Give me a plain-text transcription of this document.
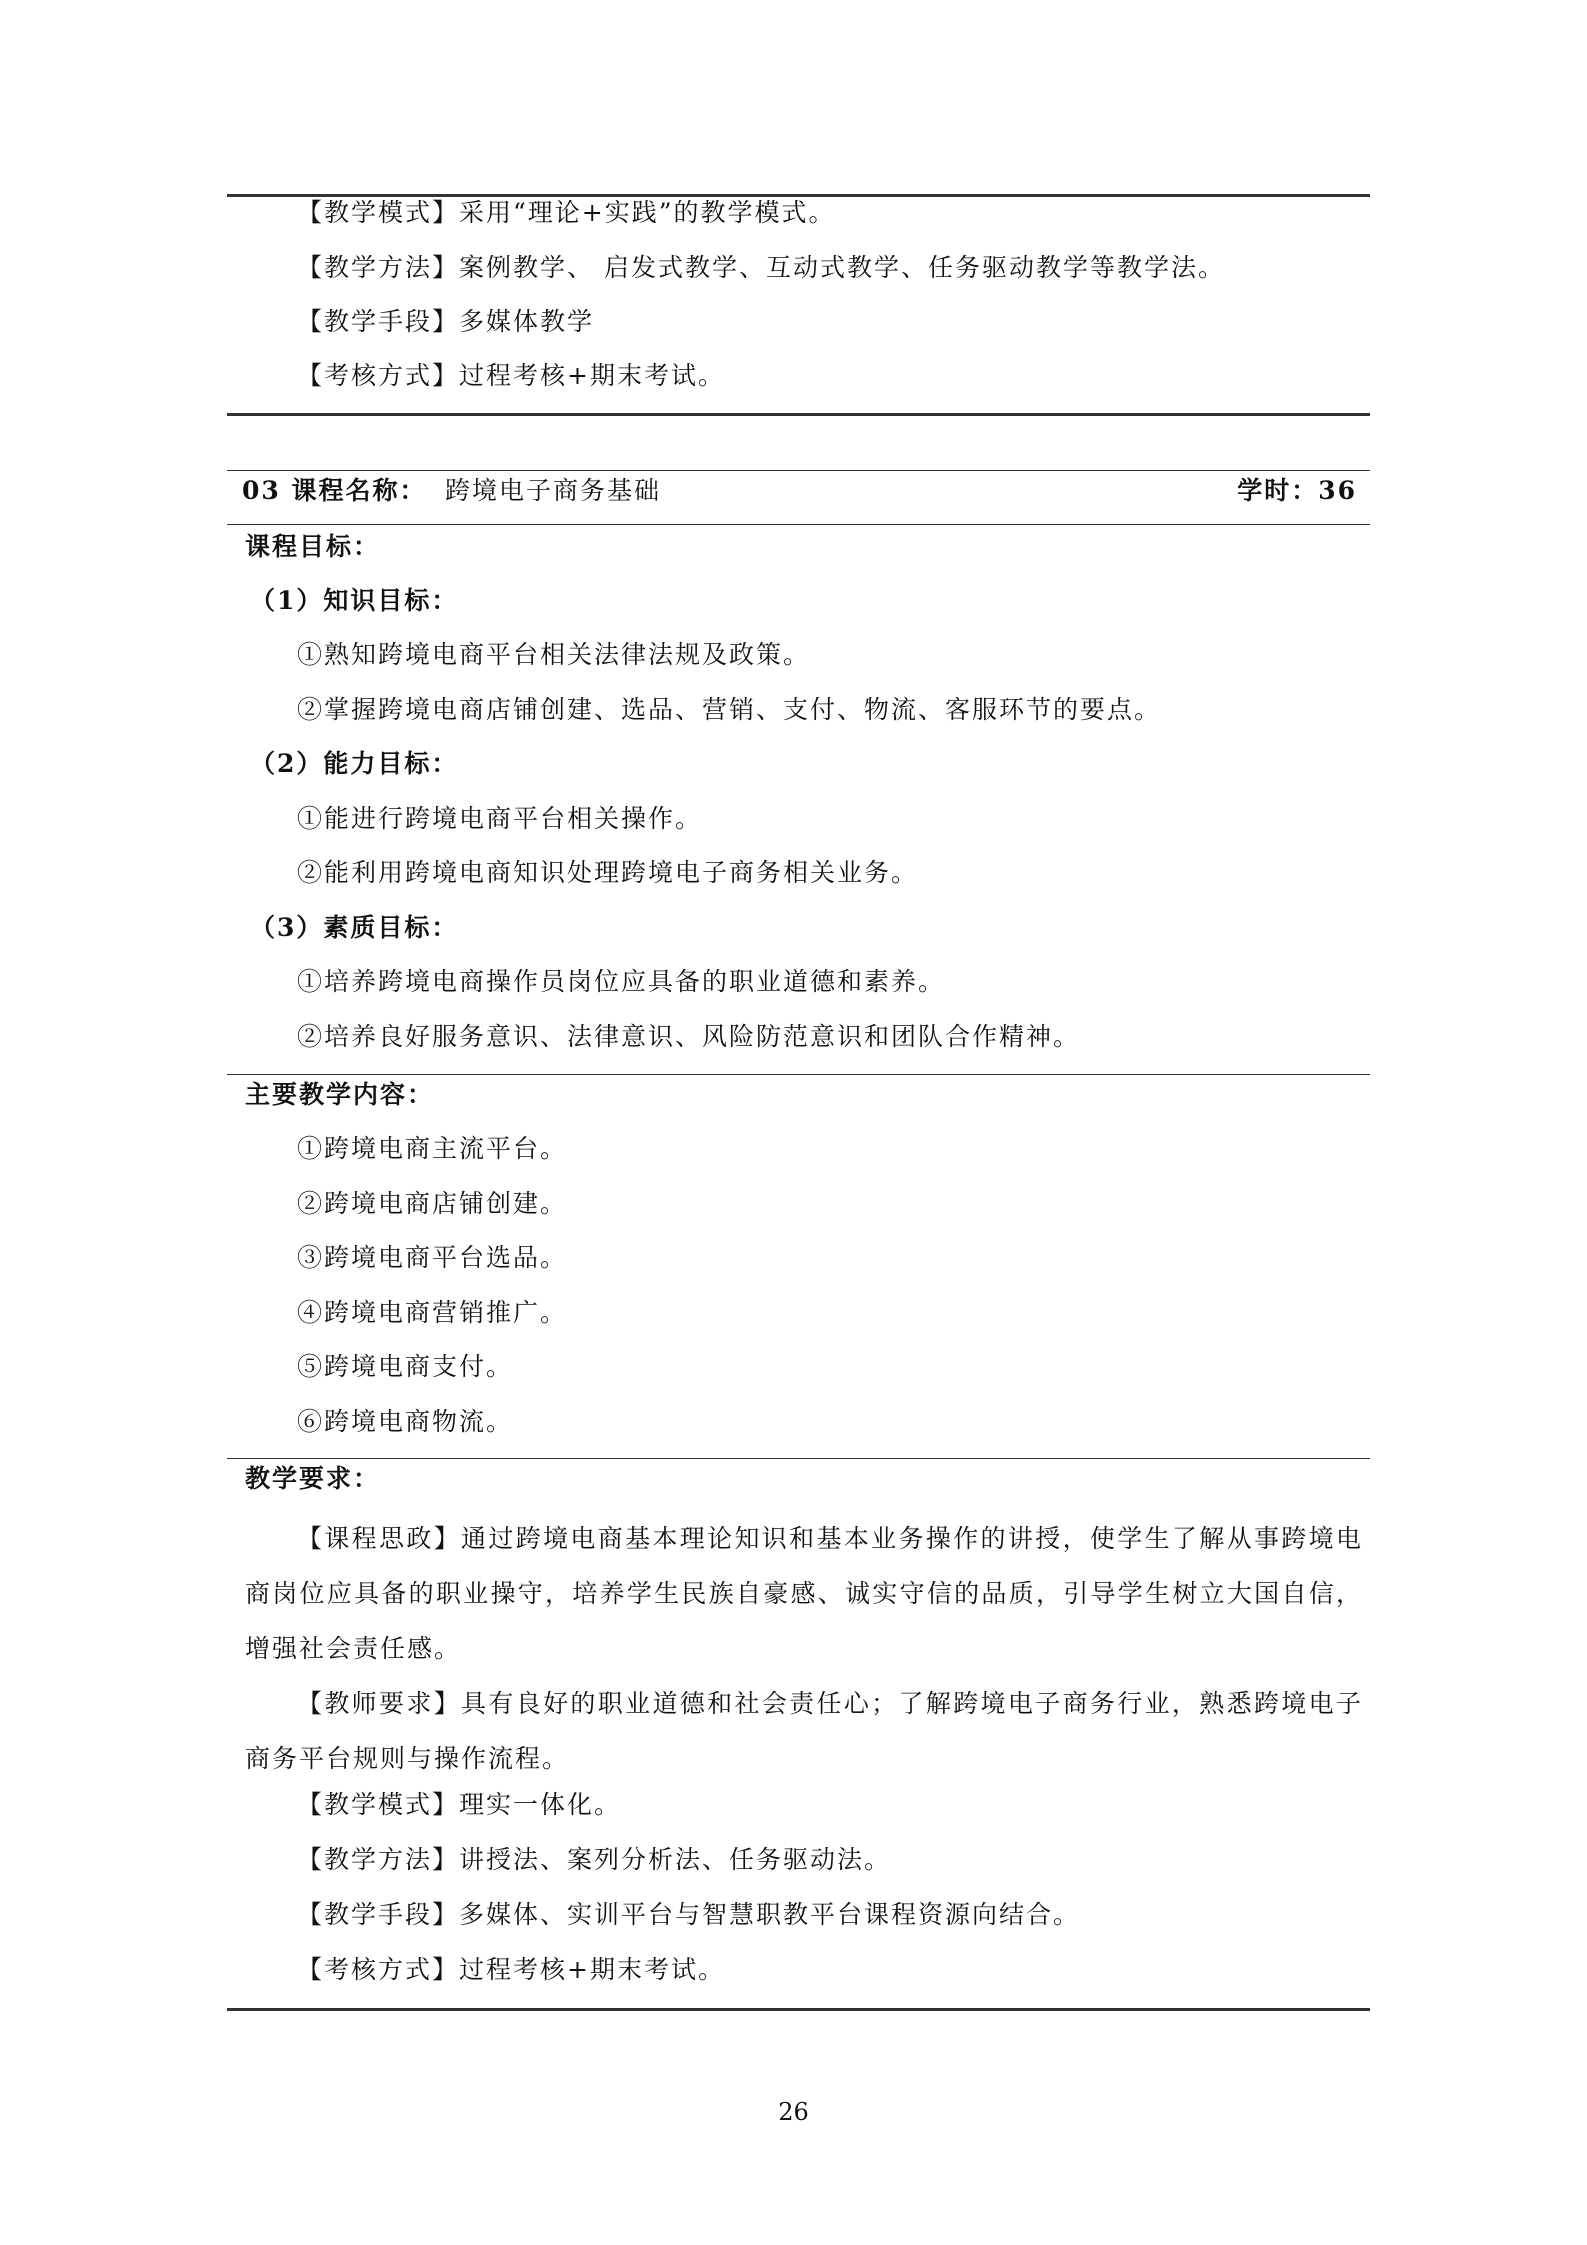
【教学模式】采用“理论+实践”的教学模式。
【教学方法】案例教学、 启发式教学、互动式教学、任务驱动教学等教学法。
【教学手段】多媒体教学
【考核方式】过程考核+期末考试。
03 课程名称： 跨境电子商务基础	学时：36
课程目标：
（1）知识目标：
①熟知跨境电商平台相关法律法规及政策。
②掌握跨境电商店铺创建、选品、营销、支付、物流、客服环节的要点。
（2）能力目标：
①能进行跨境电商平台相关操作。
②能利用跨境电商知识处理跨境电子商务相关业务。
（3）素质目标：
①培养跨境电商操作员岗位应具备的职业道德和素养。
②培养良好服务意识、法律意识、风险防范意识和团队合作精神。
主要教学内容：
①跨境电商主流平台。
②跨境电商店铺创建。
③跨境电商平台选品。
④跨境电商营销推广。
⑤跨境电商支付。
⑥跨境电商物流。
教学要求：
【课程思政】通过跨境电商基本理论知识和基本业务操作的讲授，使学生了解从事跨境电商岗位应具备的职业操守，培养学生民族自豪感、诚实守信的品质，引导学生树立大国自信，增强社会责任感。
【教师要求】具有良好的职业道德和社会责任心；了解跨境电子商务行业，熟悉跨境电子商务平台规则与操作流程。
【教学模式】理实一体化。
【教学方法】讲授法、案列分析法、任务驱动法。
【教学手段】多媒体、实训平台与智慧职教平台课程资源向结合。
【考核方式】过程考核+期末考试。
26
